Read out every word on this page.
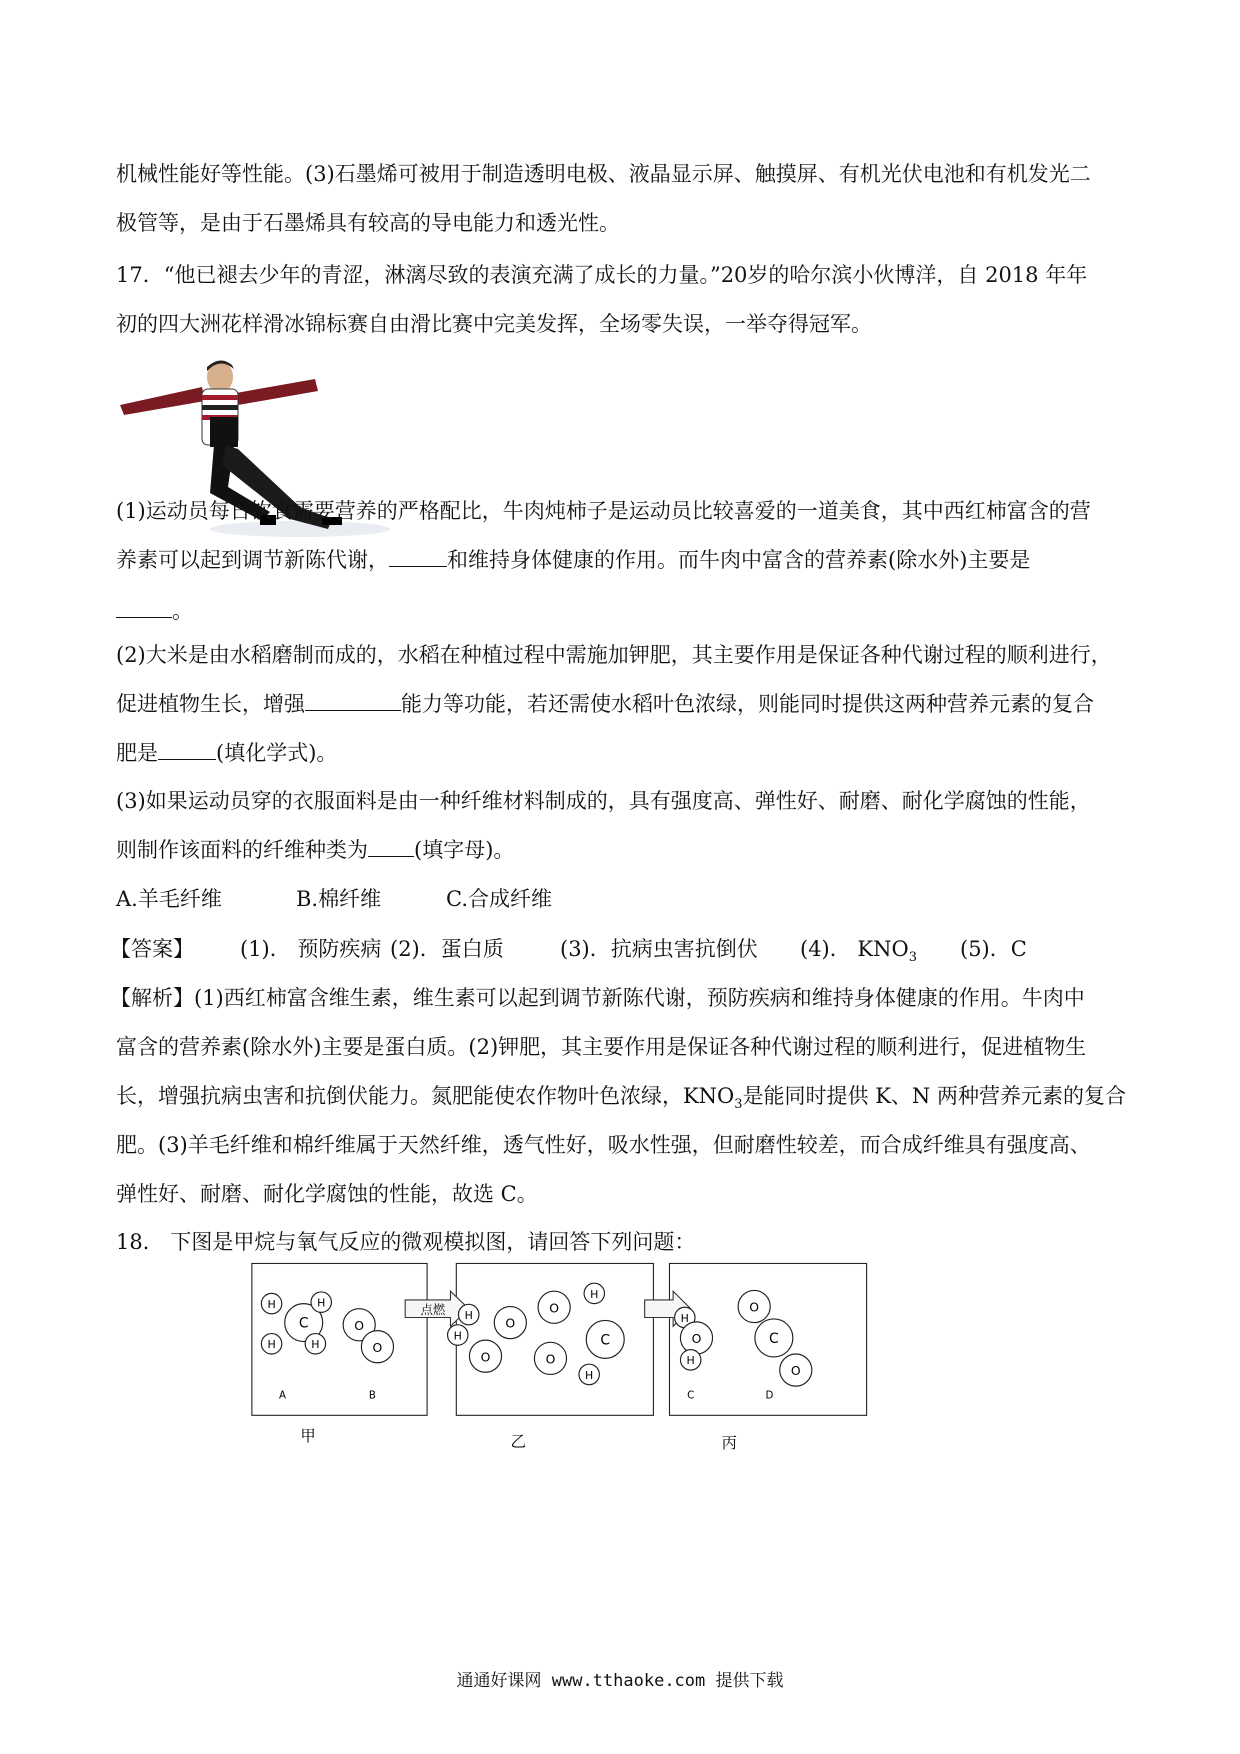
机械性能好等性能。(3)石墨烯可被用于制造透明电极、液晶显示屏、触摸屏、有机光伏电池和有机发光二
极管等，是由于石墨烯具有较高的导电能力和透光性。
17．“他已褪去少年的青涩，淋漓尽致的表演充满了成长的力量。”20岁的哈尔滨小伙博洋，自 2018 年年
初的四大洲花样滑冰锦标赛自由滑比赛中完美发挥，全场零失误，一举夺得冠军。
(1)运动员每日饮食需要营养的严格配比，牛肉炖柿子是运动员比较喜爱的一道美食，其中西红柿富含的营
养素可以起到调节新陈代谢，	和维持身体健康的作用。而牛肉中富含的营养素(除水外)主要是
。
(2)大米是由水稻磨制而成的，水稻在种植过程中需施加钾肥，其主要作用是保证各种代谢过程的顺利进行，
促进植物生长，增强	能力等功能，若还需使水稻叶色浓绿，则能同时提供这两种营养元素的复合
肥是	(填化学式)。
(3)如果运动员穿的衣服面料是由一种纤维材料制成的，具有强度高、弹性好、耐磨、耐化学腐蚀的性能，
则制作该面料的纤维种类为 (填字母)。
A.羊毛纤维	B.棉纤维	C.合成纤维
【答案】 (1)． 预防疾病 (2)．蛋白质	(3)．抗病虫害抗倒伏 (4)． $KNO_3$ (5)．C
【解析】(1)西红柿富含维生素，维生素可以起到调节新陈代谢，预防疾病和维持身体健康的作用。牛肉中
富含的营养素(除水外)主要是蛋白质。(2)钾肥，其主要作用是保证各种代谢过程的顺利进行，促进植物生
长，增强抗病虫害和抗倒伏能力。氮肥能使农作物叶色浓绿，$KNO_3$是能同时提供 K、N 两种营养元素的复合
肥。(3)羊毛纤维和棉纤维属于天然纤维，透气性好，吸水性强，但耐磨性较差，而合成纤维具有强度高、
弹性好、耐磨、耐化学腐蚀的性能，故选 C。
18． 下图是甲烷与氧气反应的微观模拟图，请回答下列问题：
点燃
C
H	H
H H
O
O
A	B
H
H
O
O
H
C
O	O
H
H
O
H
O
C
O
C	D
甲	乙	丙
通通好课网 www.tthaoke.com 提供下载
